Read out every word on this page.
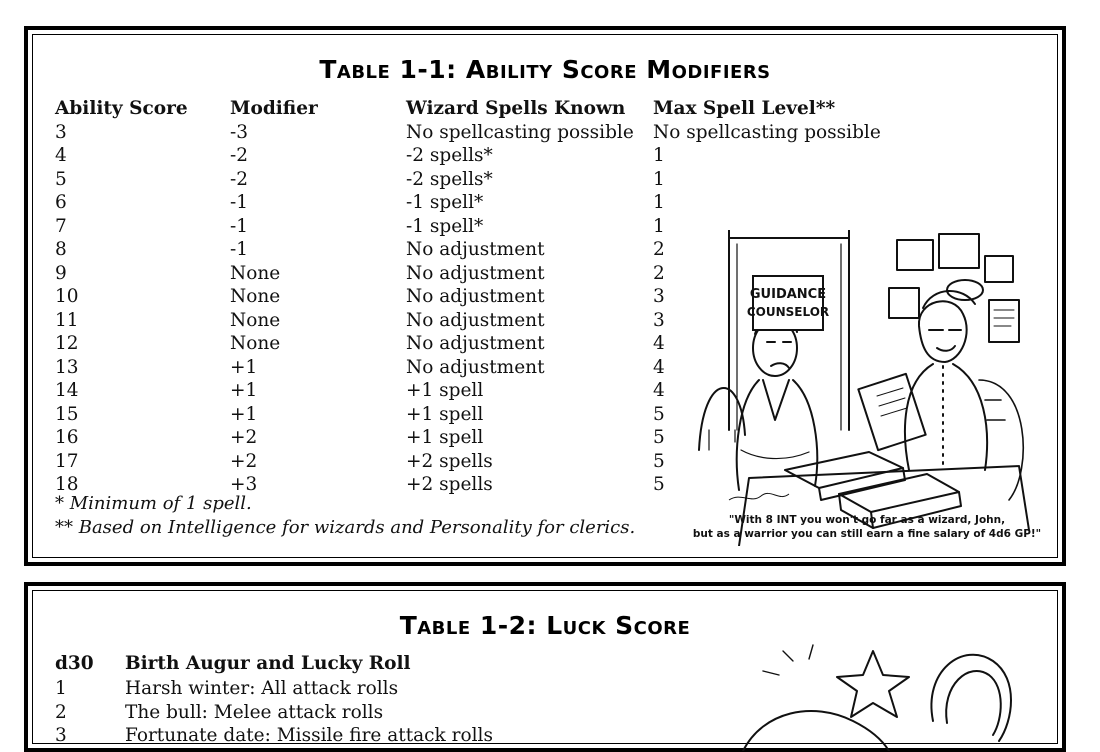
Table 1-1: Ability Score Modifiers
Ability Score	Modifier	Wizard Spells Known	Max Spell Level**
3	-3	No spellcasting possible	No spellcasting possible
4	-2	-2 spells*	1
5	-2	-2 spells*	1
6	-1	-1 spell*	1
7	-1	-1 spell*	1
8	-1	No adjustment	2
9	None	No adjustment	2
10	None	No adjustment	3
11	None	No adjustment	3
12	None	No adjustment	4
13	+1	No adjustment	4
14	+1	+1 spell	4
15	+1	+1 spell	5
16	+2	+1 spell	5
17	+2	+2 spells	5
18	+3	+2 spells	5
* Minimum of 1 spell.
** Based on Intelligence for wizards and Personality for clerics.
GUIDANCE
COUNSELOR
"With 8 INT you won't go far as a wizard, John,
but as a warrior you can still earn a fine salary of 4d6 GP!"
Table 1-2: Luck Score
d30	Birth Augur and Lucky Roll
1	Harsh winter: All attack rolls
2	The bull: Melee attack rolls
3	Fortunate date: Missile fire attack rolls
